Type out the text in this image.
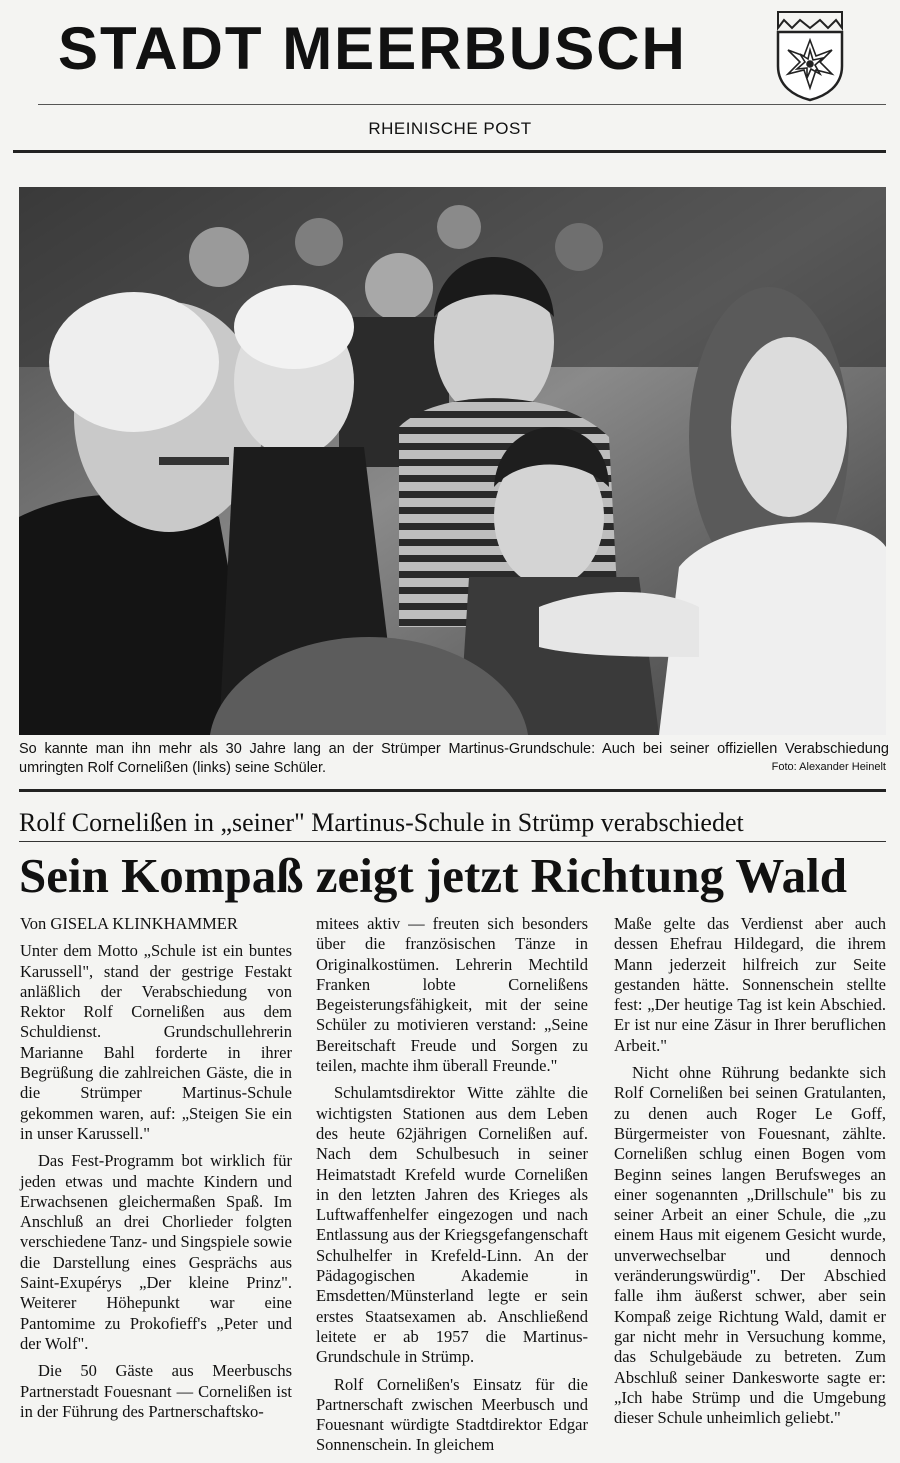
STADT MEERBUSCH
RHEINISCHE POST
So kannte man ihn mehr als 30 Jahre lang an der Strümper Martinus-Grundschule: Auch bei seiner offiziellen Verabschiedung umringten Rolf Cornelißen (links) seine Schüler.	Foto: Alexander Heinelt
Rolf Cornelißen in „seiner" Martinus-Schule in Strümp verabschiedet
Sein Kompaß zeigt jetzt Richtung Wald

Von GISELA KLINKHAMMER

Unter dem Motto „Schule ist ein buntes Karussell", stand der gestrige Festakt anläßlich der Verabschiedung von Rektor Rolf Cornelißen aus dem Schuldienst. Grundschullehrerin Marianne Bahl forderte in ihrer Begrüßung die zahlreichen Gäste, die in die Strümper Martinus-Schule gekommen waren, auf: „Steigen Sie ein in unser Karussell."

Das Fest-Programm bot wirklich für jeden etwas und machte Kindern und Erwachsenen gleichermaßen Spaß. Im Anschluß an drei Chorlieder folgten verschiedene Tanz- und Singspiele sowie die Darstellung eines Gesprächs aus Saint-Exupérys „Der kleine Prinz". Weiterer Höhepunkt war eine Pantomime zu Prokofieff's „Peter und der Wolf".

Die 50 Gäste aus Meerbuschs Partnerstadt Fouesnant — Cornelißen ist in der Führung des Partnerschaftsko-

mitees aktiv — freuten sich besonders über die französischen Tänze in Originalkostümen. Lehrerin Mechtild Franken lobte Cornelißens Begeisterungsfähigkeit, mit der seine Schüler zu motivieren verstand: „Seine Bereitschaft Freude und Sorgen zu teilen, machte ihm überall Freunde."

Schulamtsdirektor Witte zählte die wichtigsten Stationen aus dem Leben des heute 62jährigen Cornelißen auf. Nach dem Schulbesuch in seiner Heimatstadt Krefeld wurde Cornelißen in den letzten Jahren des Krieges als Luftwaffenhelfer eingezogen und nach Entlassung aus der Kriegsgefangenschaft Schulhelfer in Krefeld-Linn. An der Pädagogischen Akademie in Emsdetten/Münsterland legte er sein erstes Staatsexamen ab. Anschließend leitete er ab 1957 die Martinus-Grundschule in Strümp.

Rolf Cornelißen's Einsatz für die Partnerschaft zwischen Meerbusch und Fouesnant würdigte Stadtdirektor Edgar Sonnenschein. In gleichem

Maße gelte das Verdienst aber auch dessen Ehefrau Hildegard, die ihrem Mann jederzeit hilfreich zur Seite gestanden hätte. Sonnenschein stellte fest: „Der heutige Tag ist kein Abschied. Er ist nur eine Zäsur in Ihrer beruflichen Arbeit."

Nicht ohne Rührung bedankte sich Rolf Cornelißen bei seinen Gratulanten, zu denen auch Roger Le Goff, Bürgermeister von Fouesnant, zählte. Cornelißen schlug einen Bogen vom Beginn seines langen Berufsweges an einer sogenannten „Drillschule" bis zu seiner Arbeit an einer Schule, die „zu einem Haus mit eigenem Gesicht wurde, unverwechselbar und dennoch veränderungswürdig". Der Abschied falle ihm äußerst schwer, aber sein Kompaß zeige Richtung Wald, damit er gar nicht mehr in Versuchung komme, das Schulgebäude zu betreten. Zum Abschluß seiner Dankesworte sagte er: „Ich habe Strümp und die Umgebung dieser Schule unheimlich geliebt."
